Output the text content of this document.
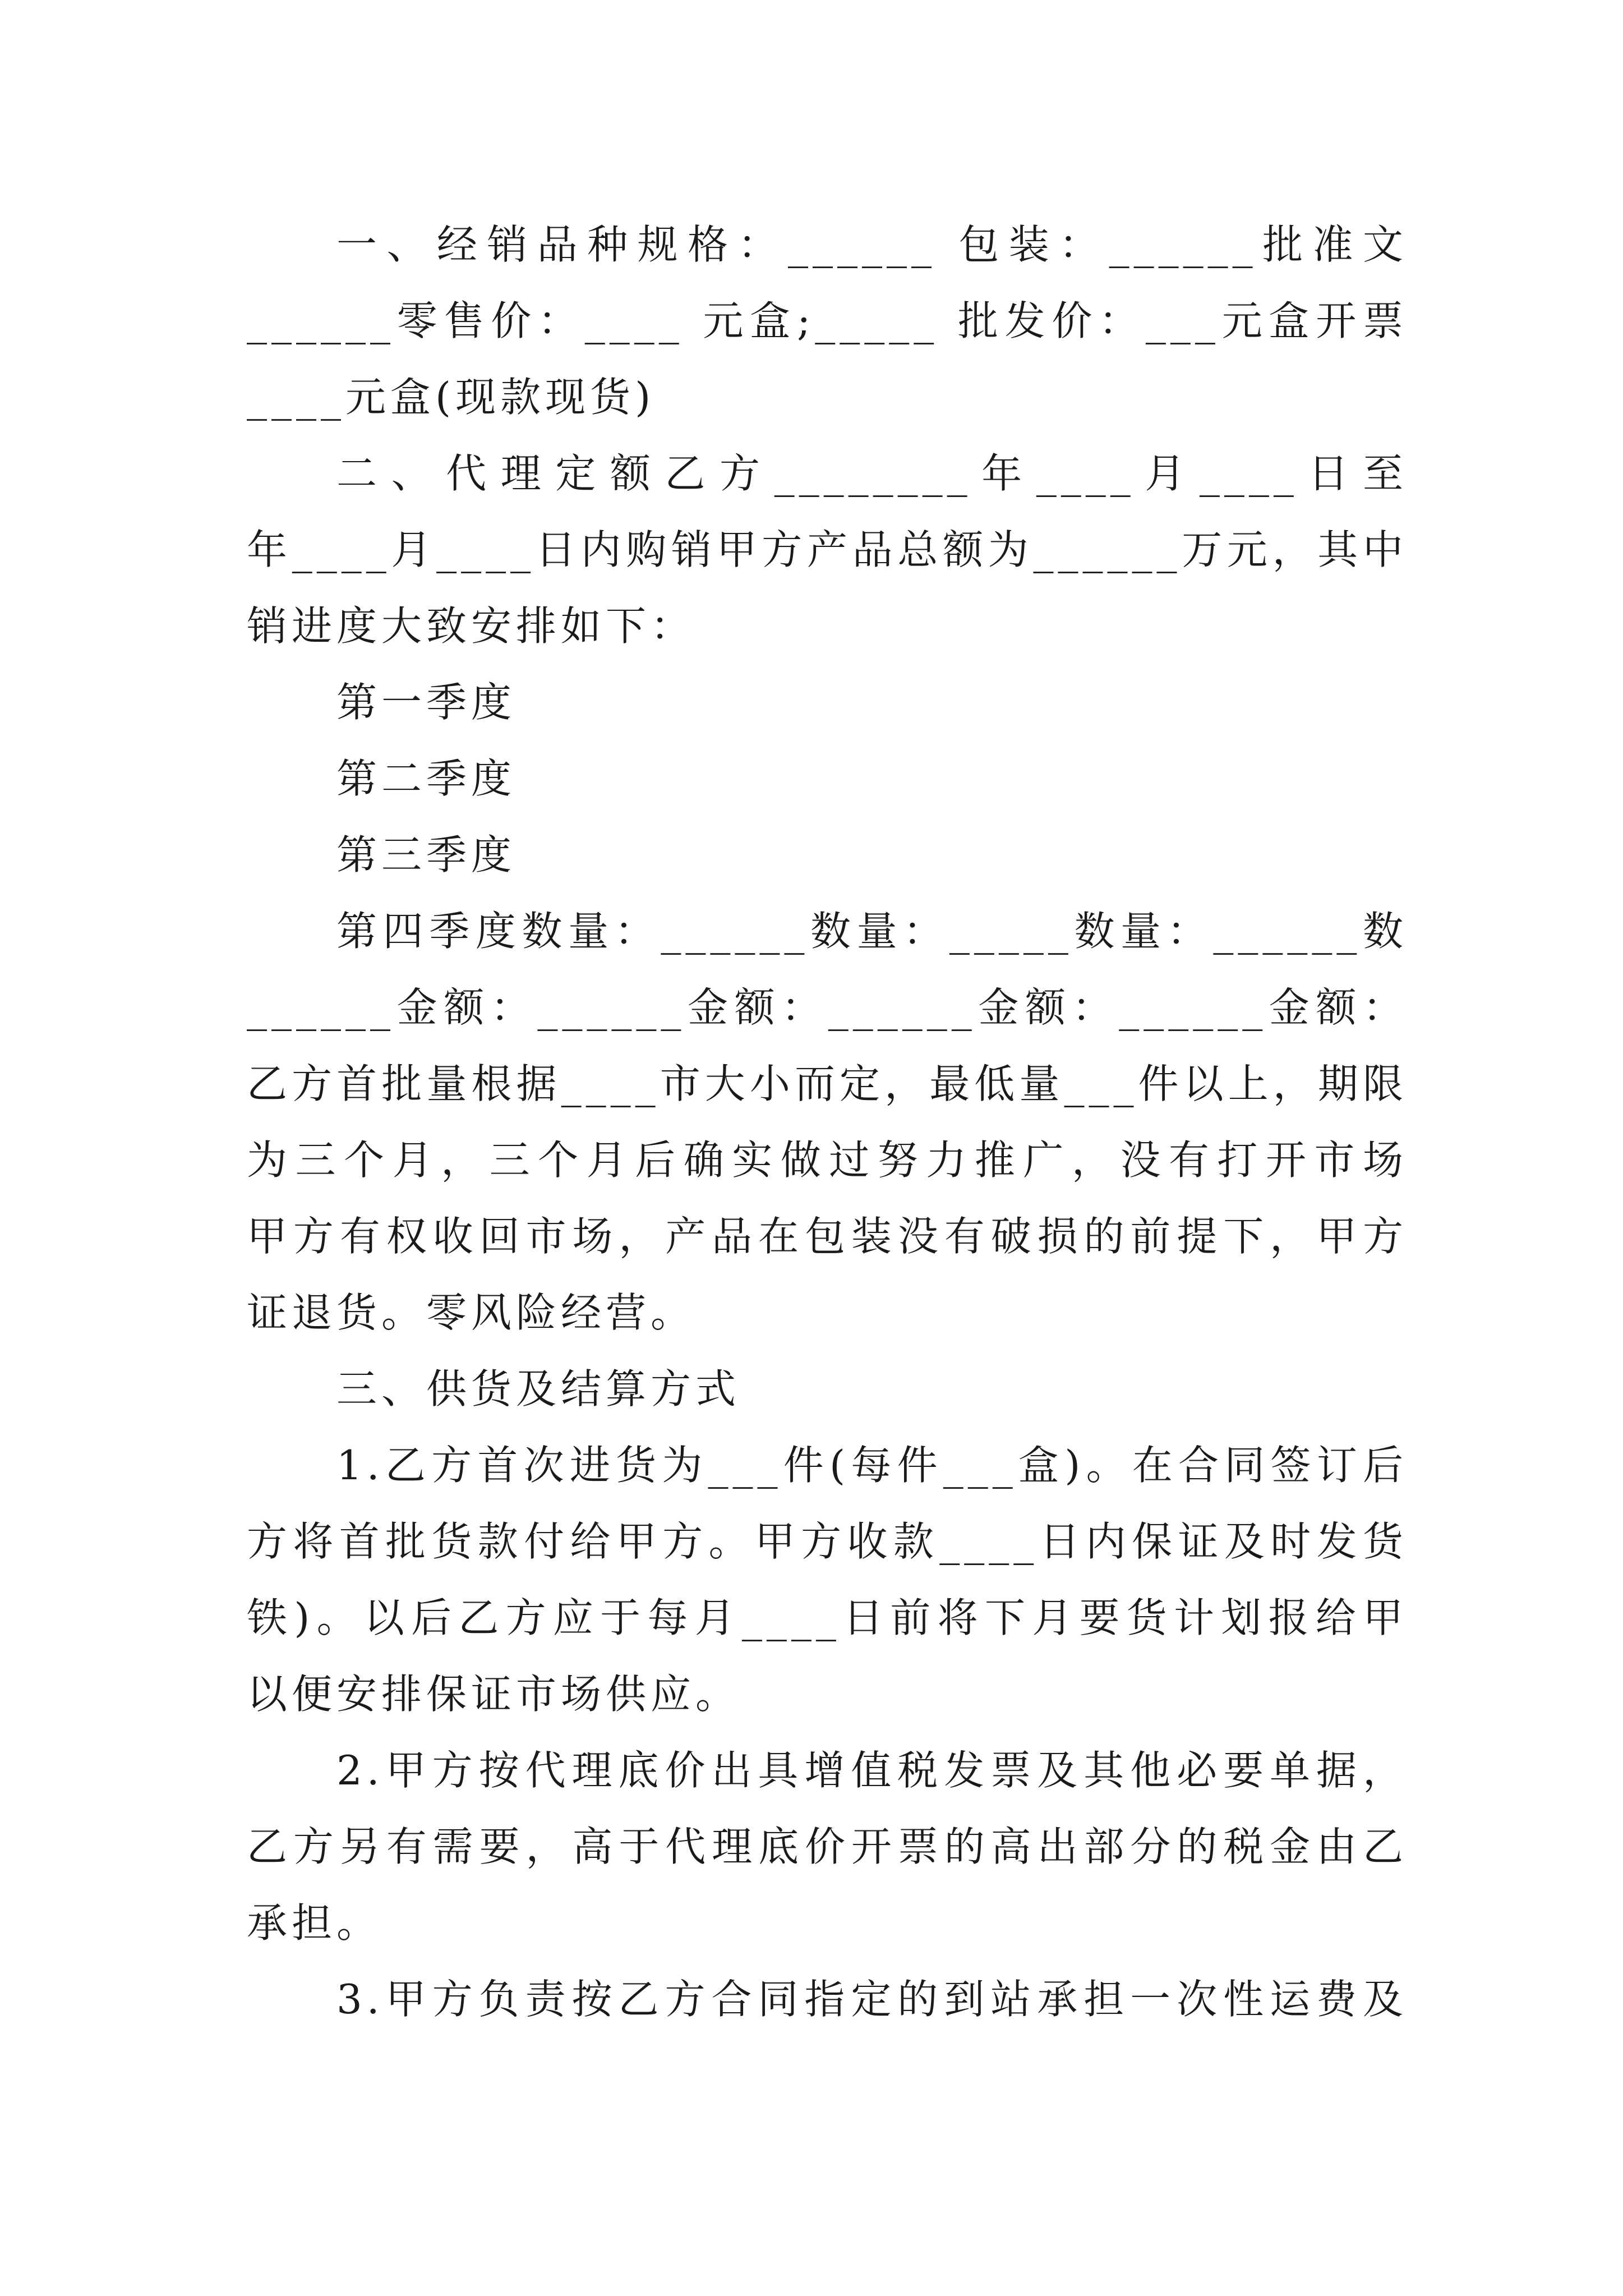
一、经销品种规格：______ 包装：______批准文
______零售价：____ 元盒;_____ 批发价：___元盒开票
____元盒(现款现货)
二、代理定额乙方________年____月____日至
年____月____日内购销甲方产品总额为______万元，其中
销进度大致安排如下：
第一季度
第二季度
第三季度
第四季度数量：______数量：_____数量：______数
______金额：______金额：______金额：______金额：
乙方首批量根据____市大小而定，最低量___件以上，期限
为三个月，三个月后确实做过努力推广，没有打开市场
甲方有权收回市场，产品在包装没有破损的前提下，甲方
证退货。零风险经营。
三、供货及结算方式
1.乙方首次进货为___件(每件___盒)。在合同签订后
方将首批货款付给甲方。甲方收款____日内保证及时发货
铁)。以后乙方应于每月____日前将下月要货计划报给甲
以便安排保证市场供应。
2.甲方按代理底价出具增值税发票及其他必要单据，
乙方另有需要，高于代理底价开票的高出部分的税金由乙
承担。
3.甲方负责按乙方合同指定的到站承担一次性运费及
